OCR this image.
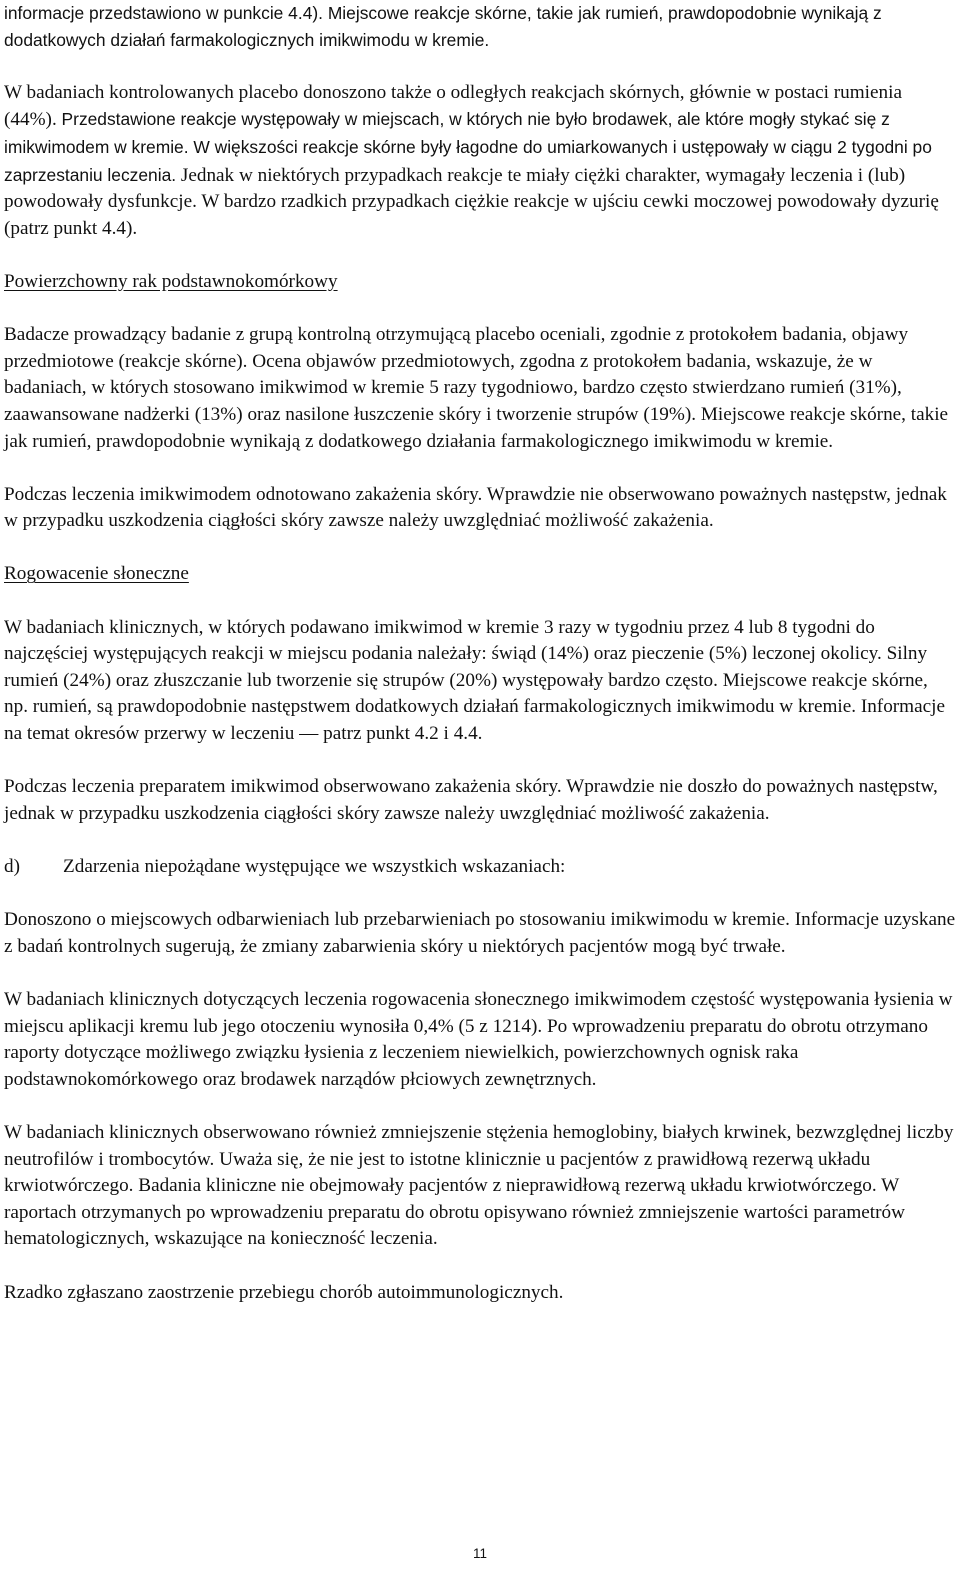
informacje przedstawiono w punkcie 4.4). Miejscowe reakcje skórne, takie jak rumień, prawdopodobnie wynikają z dodatkowych działań farmakologicznych imikwimodu w kremie.

W badaniach kontrolowanych placebo donoszono także o odległych reakcjach skórnych, głównie w postaci rumienia (44%). Przedstawione reakcje występowały w miejscach, w których nie było brodawek, ale które mogły stykać się z imikwimodem w kremie. W większości reakcje skórne były łagodne do umiarkowanych i ustępowały w ciągu 2 tygodni po zaprzestaniu leczenia. Jednak w niektórych przypadkach reakcje te miały ciężki charakter, wymagały leczenia i (lub) powodowały dysfunkcje. W bardzo rzadkich przypadkach ciężkie reakcje w ujściu cewki moczowej powodowały dyzurię (patrz punkt 4.4).

Powierzchowny rak podstawnokomórkowy

Badacze prowadzący badanie z grupą kontrolną otrzymującą placebo oceniali, zgodnie z protokołem badania, objawy przedmiotowe (reakcje skórne). Ocena objawów przedmiotowych, zgodna z protokołem badania, wskazuje, że w badaniach, w których stosowano imikwimod w kremie 5 razy tygodniowo, bardzo często stwierdzano rumień (31%), zaawansowane nadżerki (13%) oraz nasilone łuszczenie skóry i tworzenie strupów (19%). Miejscowe reakcje skórne, takie jak rumień, prawdopodobnie wynikają z dodatkowego działania farmakologicznego imikwimodu w kremie.

Podczas leczenia imikwimodem odnotowano zakażenia skóry. Wprawdzie nie obserwowano poważnych następstw, jednak w przypadku uszkodzenia ciągłości skóry zawsze należy uwzględniać możliwość zakażenia.

Rogowacenie słoneczne

W badaniach klinicznych, w których podawano imikwimod w kremie 3 razy w tygodniu przez 4 lub 8 tygodni do najczęściej występujących reakcji w miejscu podania należały: świąd (14%) oraz pieczenie (5%) leczonej okolicy. Silny rumień (24%) oraz złuszczanie lub tworzenie się strupów (20%) występowały bardzo często. Miejscowe reakcje skórne, np. rumień, są prawdopodobnie następstwem dodatkowych działań farmakologicznych imikwimodu w kremie. Informacje na temat okresów przerwy w leczeniu — patrz punkt 4.2 i 4.4.

Podczas leczenia preparatem imikwimod obserwowano zakażenia skóry. Wprawdzie nie doszło do poważnych następstw, jednak w przypadku uszkodzenia ciągłości skóry zawsze należy uwzględniać możliwość zakażenia.

d)	Zdarzenia niepożądane występujące we wszystkich wskazaniach:

Donoszono o miejscowych odbarwieniach lub przebarwieniach po stosowaniu imikwimodu w kremie. Informacje uzyskane z badań kontrolnych sugerują, że zmiany zabarwienia skóry u niektórych pacjentów mogą być trwałe.

W badaniach klinicznych dotyczących leczenia rogowacenia słonecznego imikwimodem częstość występowania łysienia w miejscu aplikacji kremu lub jego otoczeniu wynosiła 0,4% (5 z 1214). Po wprowadzeniu preparatu do obrotu otrzymano raporty dotyczące możliwego związku łysienia z leczeniem niewielkich, powierzchownych ognisk raka podstawnokomórkowego oraz brodawek narządów płciowych zewnętrznych.

W badaniach klinicznych obserwowano również zmniejszenie stężenia hemoglobiny, białych krwinek, bezwzględnej liczby neutrofilów i trombocytów. Uważa się, że nie jest to istotne klinicznie u pacjentów z prawidłową rezerwą układu krwiotwórczego. Badania kliniczne nie obejmowały pacjentów z nieprawidłową rezerwą układu krwiotwórczego. W raportach otrzymanych po wprowadzeniu preparatu do obrotu opisywano również zmniejszenie wartości parametrów hematologicznych, wskazujące na konieczność leczenia.

Rzadko zgłaszano zaostrzenie przebiegu chorób autoimmunologicznych.

11
